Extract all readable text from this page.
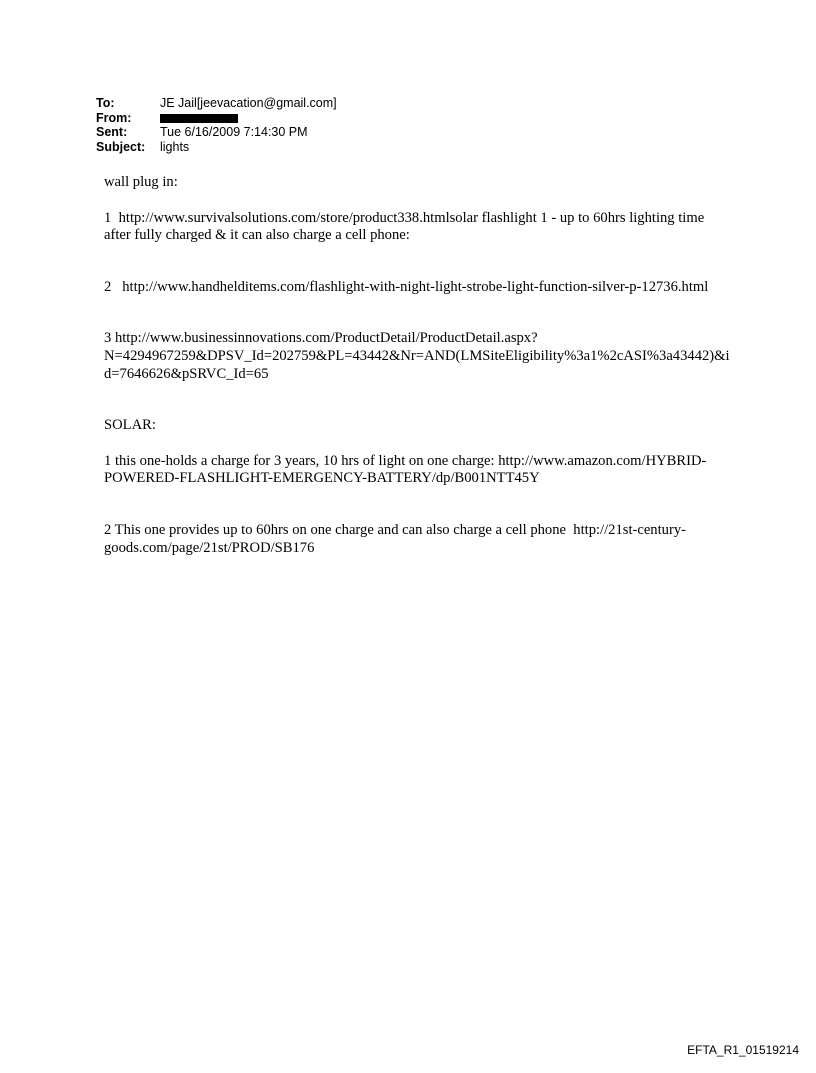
To:	JE Jail[jeevacation@gmail.com]
From:
Sent:	Tue 6/16/2009 7:14:30 PM
Subject:	lights

wall plug in:

1  http://www.survivalsolutions.com/store/product338.htmlsolar flashlight 1 - up to 60hrs lighting time after fully charged & it can also charge a cell phone:

2   http://www.handhelditems.com/flashlight-with-night-light-strobe-light-function-silver-p-12736.html

3 http://www.businessinnovations.com/ProductDetail/ProductDetail.aspx?N=4294967259&DPSV_Id=202759&PL=43442&Nr=AND(LMSiteEligibility%3a1%2cASI%3a43442)&id=7646626&pSRVC_Id=65

SOLAR:

1 this one-holds a charge for 3 years, 10 hrs of light on one charge: http://www.amazon.com/HYBRID-POWERED-FLASHLIGHT-EMERGENCY-BATTERY/dp/B001NTT45Y

2 This one provides up to 60hrs on one charge and can also charge a cell phone  http://21st-century-goods.com/page/21st/PROD/SB176

EFTA_R1_01519214
